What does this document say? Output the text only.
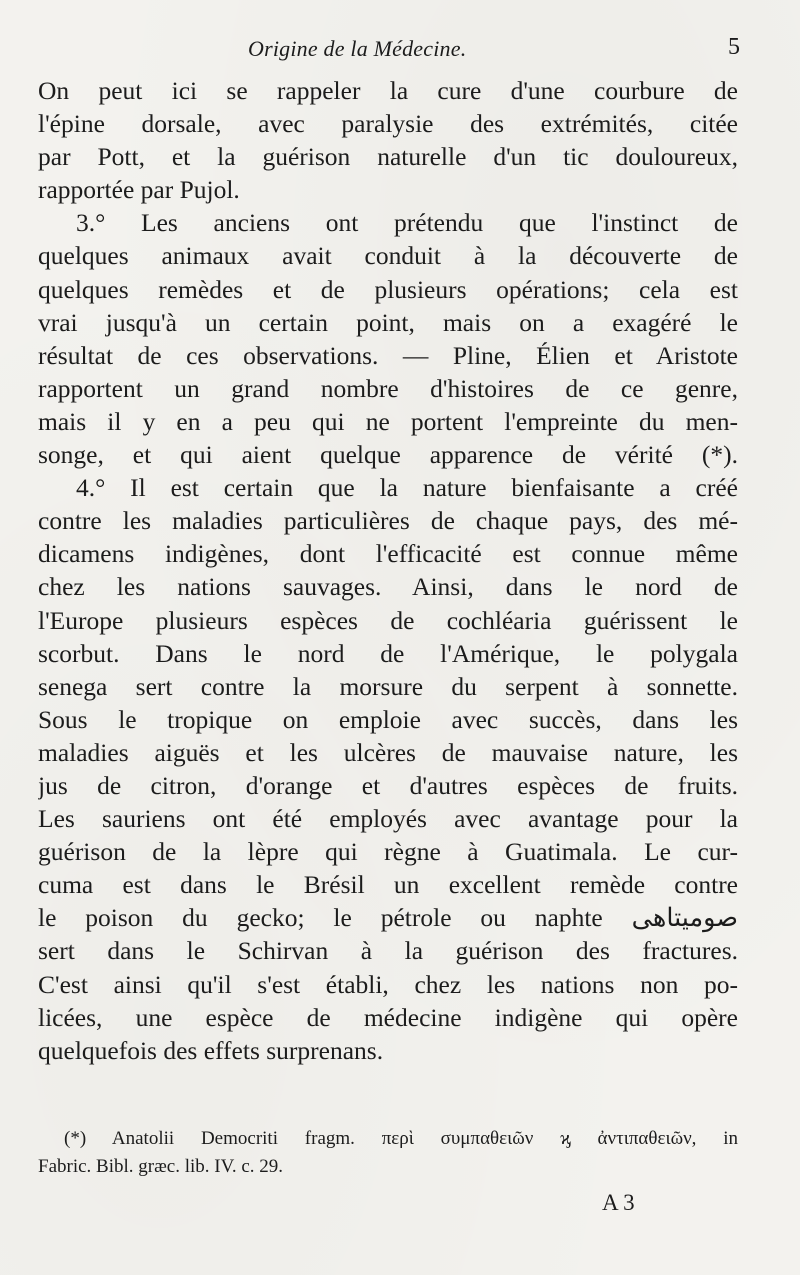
Origine de la Médecine.	5
On peut ici se rappeler la cure d'une courbure de
l'épine dorsale, avec paralysie des extrémités, citée
par Pott, et la guérison naturelle d'un tic douloureux,
rapportée par Pujol.
3.° Les anciens ont prétendu que l'instinct de
quelques animaux avait conduit à la découverte de
quelques remèdes et de plusieurs opérations; cela est
vrai jusqu'à un certain point, mais on a exagéré le
résultat de ces observations. — Pline, Élien et Aristote
rapportent un grand nombre d'histoires de ce genre,
mais il y en a peu qui ne portent l'empreinte du men-
songe, et qui aient quelque apparence de vérité (*).
4.° Il est certain que la nature bienfaisante a créé
contre les maladies particulières de chaque pays, des mé-
dicamens indigènes, dont l'efficacité est connue même
chez les nations sauvages. Ainsi, dans le nord de
l'Europe plusieurs espèces de cochléaria guérissent le
scorbut. Dans le nord de l'Amérique, le polygala
senega sert contre la morsure du serpent à sonnette.
Sous le tropique on emploie avec succès, dans les
maladies aiguës et les ulcères de mauvaise nature, les
jus de citron, d'orange et d'autres espèces de fruits.
Les sauriens ont été employés avec avantage pour la
guérison de la lèpre qui règne à Guatimala. Le cur-
cuma est dans le Brésil un excellent remède contre
le poison du gecko; le pétrole ou naphte صومیتاهی
sert dans le Schirvan à la guérison des fractures.
C'est ainsi qu'il s'est établi, chez les nations non po-
licées, une espèce de médecine indigène qui opère
quelquefois des effets surprenans.
(*) Anatolii Democriti fragm. περὶ συμπαθειῶν ϗ ἀντιπαθειῶν, in
Fabric. Bibl. græc. lib. IV. c. 29.
A 3
